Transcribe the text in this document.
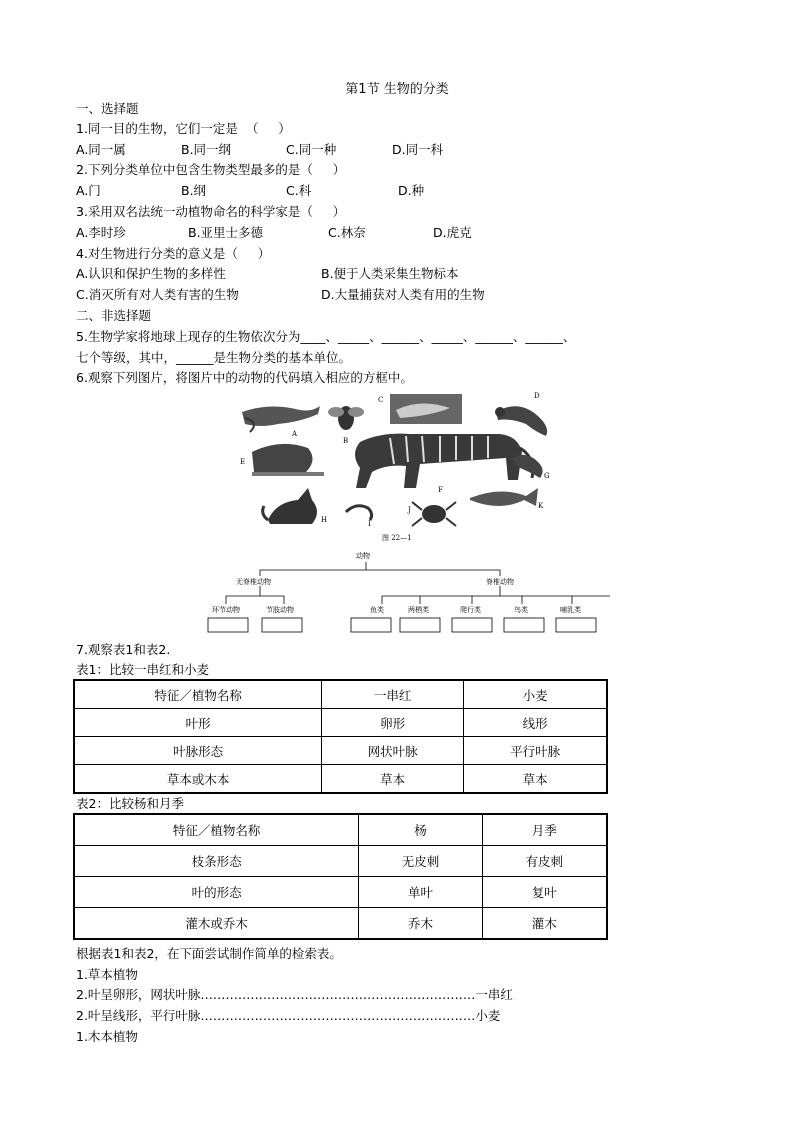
第1节 生物的分类
一、选择题
1.同一目的生物，它们一定是  （     ）
A.同一属	B.同一纲	C.同一种	D.同一科
2.下列分类单位中包含生物类型最多的是（     ）
A.门	B.纲	C.科	D.种
3.采用双名法统一动植物命名的科学家是（     ）
A.李时珍	B.亚里士多德	C.林奈	D.虎克
4.对生物进行分类的意义是（     ）
A.认识和保护生物的多样性	B.便于人类采集生物标本
C.消灭所有对人类有害的生物	D.大量捕获对人类有用的生物
二、非选择题
5.生物学家将地球上现存的生物依次分为____、_____、______、_____、______、______、
七个等级，其中，______是生物分类的基本单位。
6.观察下列图片，将图片中的动物的代码填入相应的方框中。
A
B
C	D
E
F
G
H	I
J	K
图 22—1
动物
无脊椎动物	脊椎动物
环节动物	节肢动物	鱼类	两栖类	爬行类	鸟类	哺乳类
7.观察表1和表2.
表1：比较一串红和小麦
特征／植物名称	一串红	小麦
叶形	卵形	线形
叶脉形态	网状叶脉	平行叶脉
草本或木本	草本	草本
表2：比较杨和月季
特征／植物名称	杨	月季
枝条形态	无皮刺	有皮刺
叶的形态	单叶	复叶
灌木或乔木	乔木	灌木
根据表1和表2，在下面尝试制作简单的检索表。
1.草本植物
2.叶呈卵形，网状叶脉…………………………………………………………一串红
2.叶呈线形，平行叶脉…………………………………………………………小麦
1.木本植物
